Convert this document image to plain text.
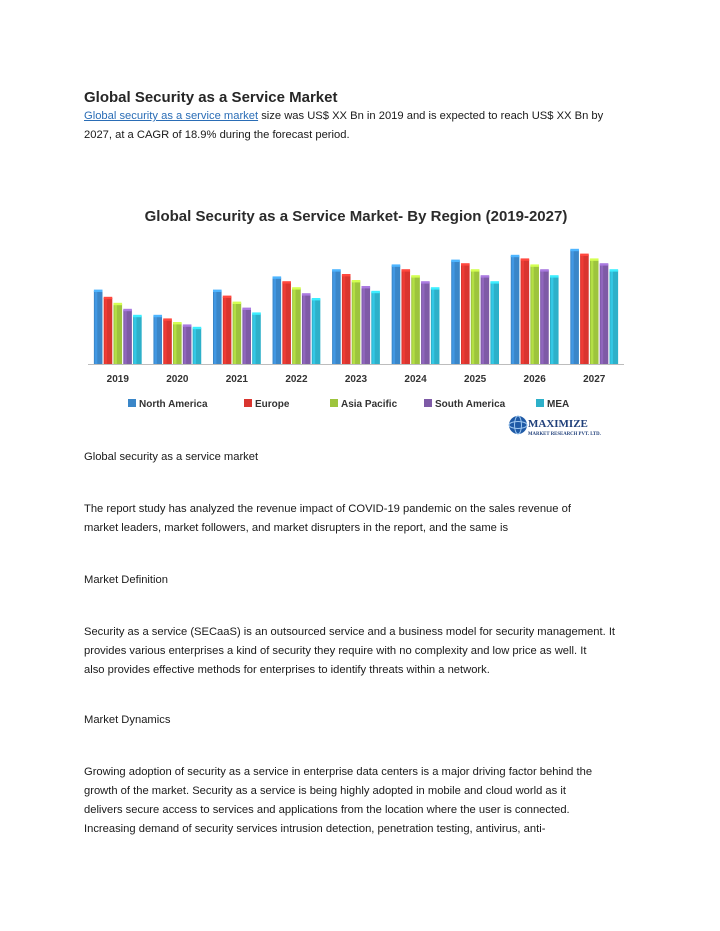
Global Security as a Service Market

Global security as a service market size was US$ XX Bn in 2019 and is expected to reach US$ XX Bn by
2027, at a CAGR of 18.9% during the forecast period.

Global Security as a Service Market- By Region (2019-2027)
2019	2020	2021	2022	2023	2024	2025	2026	2027
North America	Europe	Asia Pacific	South America	MEA
MAXIMIZE
MARKET RESEARCH PVT. LTD.

Global security as a service market

The report study has analyzed the revenue impact of COVID-19 pandemic on the sales revenue of
market leaders, market followers, and market disrupters in the report, and the same is

Market Definition

Security as a service (SECaaS) is an outsourced service and a business model for security management. It
provides various enterprises a kind of security they require with no complexity and low price as well. It
also provides effective methods for enterprises to identify threats within a network.

Market Dynamics

Growing adoption of security as a service in enterprise data centers is a major driving factor behind the
growth of the market. Security as a service is being highly adopted in mobile and cloud world as it
delivers secure access to services and applications from the location where the user is connected.
Increasing demand of security services intrusion detection, penetration testing, antivirus, anti-
